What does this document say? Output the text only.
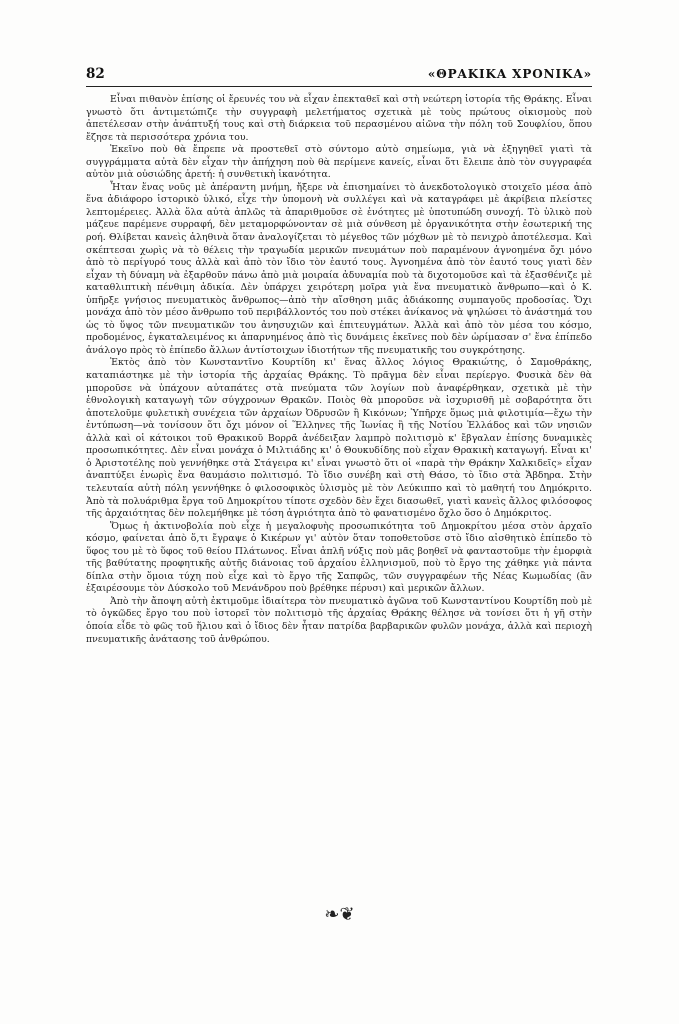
82	«ΘΡΑΚΙΚΑ ΧΡΟΝΙΚΑ»

Εἶναι πιθανὸν ἐπίσης οἱ ἔρευνές του νὰ εἶχαν ἐπεκταθεῖ καὶ στὴ νεώτερη ἱστορία τῆς Θράκης. Εἶναι γνωστὸ ὅτι ἀντιμετώπιζε τὴν συγγραφὴ μελετήματος σχετικὰ μὲ τοὺς πρώτους οἰκισμοὺς ποὺ ἀπετέλεσαν στὴν ἀνάπτυξή τους καὶ στὴ διάρκεια τοῦ περασμένου αἰῶνα τὴν πόλη τοῦ Σουφλίου, ὅπου ἔζησε τὰ περισσότερα χρόνια του.

Ἐκεῖνο ποὺ θὰ ἔπρεπε νὰ προστεθεῖ στὸ σύντομο αὐτὸ σημείωμα, γιὰ νὰ ἐξηγηθεῖ γιατὶ τὰ συγγράμματα αὐτὰ δὲν εἶχαν τὴν ἀπήχηση ποὺ θὰ περίμενε κανείς, εἶναι ὅτι ἔλειπε ἀπὸ τὸν συγγραφέα αὐτὸν μιὰ οὐσιώδης ἀρετή: ἡ συνθετικὴ ἱκανότητα.

Ἦταν ἕνας νοῦς μὲ ἀπέραντη μνήμη, ἤξερε νὰ ἐπισημαίνει τὸ ἀνεκδοτολογικὸ στοιχεῖο μέσα ἀπὸ ἕνα ἀδιάφορο ἱστορικὸ ὑλικό, εἶχε τὴν ὑπομονὴ νὰ συλλέγει καὶ νὰ καταγράφει μὲ ἀκρίβεια πλείστες λεπτομέρειες. Ἀλλὰ ὅλα αὐτὰ ἁπλῶς τὰ ἀπαριθμοῦσε σὲ ἑνότητες μὲ ὑποτυπώδη συνοχή. Τὸ ὑλικὸ ποὺ μάζευε παρέμενε συρραφή, δὲν μεταμορφώνονταν σὲ μιὰ σύνθεση μὲ ὀργανικότητα στὴν ἐσωτερική της ροή. Θλίβεται κανεὶς ἀληθινὰ ὅταν ἀναλογίζεται τὸ μέγεθος τῶν μόχθων μὲ τὸ πενιχρὸ ἀποτέλεσμα. Καὶ σκέπτεσαι χωρὶς νὰ τὸ θέλεις τὴν τραγωδία μερικῶν πνευμάτων ποὺ παραμένουν ἀγνοημένα ὄχι μόνο ἀπὸ τὸ περίγυρό τους ἀλλὰ καὶ ἀπὸ τὸν ἴδιο τὸν ἑαυτό τους. Ἀγνοημένα ἀπὸ τὸν ἑαυτό τους γιατὶ δὲν εἶχαν τὴ δύναμη νὰ ἐξαρθοῦν πάνω ἀπὸ μιὰ μοιραία ἀδυναμία ποὺ τὰ διχοτομοῦσε καὶ τὰ ἐξασθένιζε μὲ καταθλιπτικὴ πένθιμη ἀδικία. Δὲν ὑπάρχει χειρότερη μοῖρα γιὰ ἕνα πνευματικὸ ἄνθρωπο—καὶ ὁ Κ. ὑπῆρξε γνήσιος πνευματικὸς ἄνθρωπος—ἀπὸ τὴν αἴσθηση μιᾶς ἀδιάκοπης συμπαγοῦς προδοσίας. Ὄχι μονάχα ἀπὸ τὸν μέσο ἄνθρωπο τοῦ περιβάλλοντός του ποὺ στέκει ἀνίκανος νὰ ψηλώσει τὸ ἀνάστημά του ὡς τὸ ὕψος τῶν πνευματικῶν του ἀνησυχιῶν καὶ ἐπιτευγμάτων. Ἀλλὰ καὶ ἀπὸ τὸν μέσα του κόσμο, προδομένος, ἐγκαταλειμένος κι ἀπαρνημένος ἀπὸ τὶς δυνάμεις ἐκεῖνες ποὺ δὲν ὡρίμασαν σ' ἕνα ἐπίπεδο ἀνάλογο πρὸς τὸ ἐπίπεδο ἄλλων ἀντίστοιχων ἰδιοτήτων τῆς πνευματικῆς του συγκρότησης.

Ἐκτὸς ἀπὸ τὸν Κωνσταντῖνο Κουρτίδη κι' ἕνας ἄλλος λόγιος Θρακιώτης, ὁ Σαμοθράκης, καταπιάστηκε μὲ τὴν ἱστορία τῆς ἀρχαίας Θράκης. Τὸ πρᾶγμα δὲν εἶναι περίεργο. Φυσικὰ δὲν θὰ μποροῦσε νὰ ὑπάχουν αὐταπάτες στὰ πνεύματα τῶν λογίων ποὺ ἀναφέρθηκαν, σχετικὰ μὲ τὴν ἐθνολογικὴ καταγωγὴ τῶν σύγχρονων Θρακῶν. Ποιὸς θὰ μποροῦσε νὰ ἰσχυρισθῆ μὲ σοβαρότητα ὅτι ἀποτελοῦμε φυλετικὴ συνέχεια τῶν ἀρχαίων Ὀδρυσῶν ἢ Κικόνων; Ὑπῆρχε ὅμως μιὰ φιλοτιμία—ἔχω τὴν ἐντύπωση—νὰ τονίσουν ὅτι ὄχι μόνον οἱ Ἕλληνες τῆς Ἰωνίας ἢ τῆς Νοτίου Ἑλλάδος καὶ τῶν νησιῶν ἀλλὰ καὶ οἱ κάτοικοι τοῦ Θρακικοῦ Βορρᾶ ἀνέδειξαν λαμπρὸ πολιτισμὸ κ' ἔβγαλαν ἐπίσης δυναμικὲς προσωπικότητες. Δὲν εἶναι μονάχα ὁ Μιλτιάδης κι' ὁ Θουκυδίδης ποὺ εἶχαν Θρακικὴ καταγωγή. Εἶναι κι' ὁ Ἀριστοτέλης ποὺ γεννήθηκε στὰ Στάγειρα κι' εἶναι γνωστὸ ὅτι οἱ «παρὰ τὴν Θράκην Χαλκιδεῖς» εἶχαν ἀναπτύξει ἐνωρὶς ἕνα θαυμάσιο πολιτισμό. Τὸ ἴδιο συνέβη καὶ στὴ Θάσο, τὸ ἴδιο στὰ Ἄβδηρα. Στὴν τελευταία αὐτὴ πόλη γεννήθηκε ὁ φιλοσοφικὸς ὑλισμὸς μὲ τὸν Λεύκιππο καὶ τὸ μαθητή του Δημόκριτο. Ἀπὸ τὰ πολυάριθμα ἔργα τοῦ Δημοκρίτου τίποτε σχεδὸν δὲν ἔχει διασωθεῖ, γιατὶ κανεὶς ἄλλος φιλόσοφος τῆς ἀρχαιότητας δὲν πολεμήθηκε μὲ τόση ἀγριότητα ἀπὸ τὸ φανατισμένο ὄχλο ὅσο ὁ Δημόκριτος.

Ὅμως ἡ ἀκτινοβολία ποὺ εἶχε ἡ μεγαλοφυὴς προσωπικότητα τοῦ Δημοκρίτου μέσα στὸν ἀρχαῖο κόσμο, φαίνεται ἀπὸ ὅ,τι ἔγραψε ὁ Κικέρων γι' αὐτὸν ὅταν τοποθετοῦσε στὸ ἴδιο αἰσθητικὸ ἐπίπεδο τὸ ὕφος του μὲ τὸ ὕφος τοῦ θείου Πλάτωνος. Εἶναι ἁπλῆ νύξις ποὺ μᾶς βοηθεῖ νὰ φανταστοῦμε τὴν ἐμορφιὰ τῆς βαθύτατης προφητικῆς αὐτῆς διάνοιας τοῦ ἀρχαίου ἑλληνισμοῦ, ποὺ τὸ ἔργο της χάθηκε γιὰ πάντα δίπλα στὴν ὅμοια τύχη ποὺ εἶχε καὶ τὸ ἔργο τῆς Σαπφῶς, τῶν συγγραφέων τῆς Νέας Κωμωδίας (ἂν ἐξαιρέσουμε τὸν Δύσκολο τοῦ Μενάνδρου ποὺ βρέθηκε πέρυσι) καὶ μερικῶν ἄλλων.

Ἀπὸ τὴν ἄποψη αὐτὴ ἐκτιμοῦμε ἰδιαίτερα τὸν πνευματικὸ ἀγῶνα τοῦ Κωνσταντίνου Κουρτίδη ποὺ μὲ τὸ ὀγκῶδες ἔργο του ποὺ ἱστορεῖ τὸν πολιτισμὸ τῆς ἀρχαίας Θράκης θέλησε νὰ τονίσει ὅτι ἡ γῆ στὴν ὁποία εἶδε τὸ φῶς τοῦ ἥλιου καὶ ὁ ἴδιος δὲν ἦταν πατρίδα βαρβαρικῶν φυλῶν μονάχα, ἀλλὰ καὶ περιοχὴ πνευματικῆς ἀνάτασης τοῦ ἀνθρώπου.

❧❦
